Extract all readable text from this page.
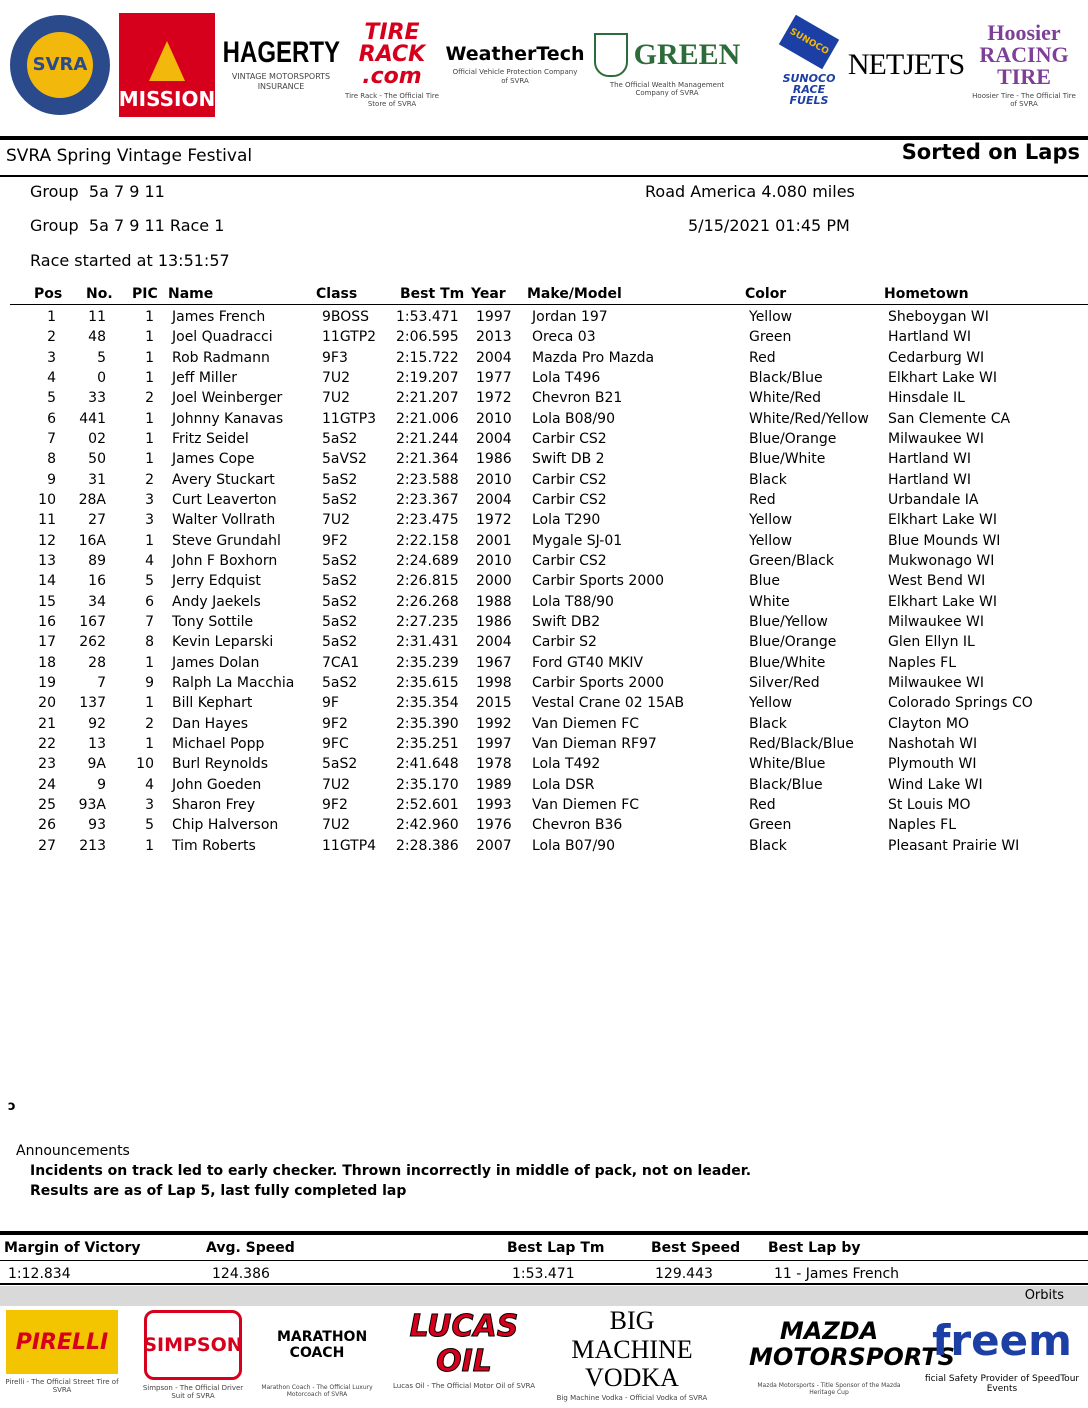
SVRA
MISSION
HAGERTY
VINTAGE MOTORSPORTS INSURANCE
TIRE RACK .com
Tire Rack - The Official Tire Store of SVRA
WeatherTech
Official Vehicle Protection Company of SVRA
GREEN
The Official Wealth Management Company of SVRA
SUNOCO
SUNOCO RACE FUELS
NETJETS
Hoosier RACING TIRE
Hoosier Tire - The Official Tire of SVRA
SVRA Spring Vintage Festival	Sorted on Laps
Group  5a 7 9 11	Road America 4.080 miles
Group  5a 7 9 11 Race 1	5/15/2021 01:45 PM
Race started at 13:51:57
Pos No. PIC Name	Class	Best Tm Year Make/Model	Color	Hometown
1	11	1 James French	9BOSS 1:53.471	1997	Jordan 197	Yellow	Sheboygan WI
2	48	1 Joel Quadracci	11GTP2 2:06.595	2013	Oreca 03	Green	Hartland WI
3	5	1 Rob Radmann	9F3	2:15.722	2004	Mazda Pro Mazda	Red	Cedarburg WI
4	0	1 Jeff Miller	7U2	2:19.207	1977	Lola T496	Black/Blue	Elkhart Lake WI
5	33	2 Joel Weinberger	7U2	2:21.207	1972	Chevron B21	White/Red	Hinsdale IL
6	441	1 Johnny Kanavas	11GTP3 2:21.006	2010	Lola B08/90	White/Red/Yellow	San Clemente CA
7	02	1 Fritz Seidel	5aS2	2:21.244	2004	Carbir CS2	Blue/Orange	Milwaukee WI
8	50	1 James Cope	5aVS2 2:21.364	1986	Swift DB 2	Blue/White	Hartland WI
9	31	2 Avery Stuckart	5aS2	2:23.588	2010	Carbir CS2	Black	Hartland WI
10	28A	3 Curt Leaverton	5aS2	2:23.367	2004	Carbir CS2	Red	Urbandale IA
11	27	3 Walter Vollrath	7U2	2:23.475	1972	Lola T290	Yellow	Elkhart Lake WI
12	16A	1 Steve Grundahl	9F2	2:22.158	2001	Mygale SJ-01	Yellow	Blue Mounds WI
13	89	4 John F Boxhorn	5aS2	2:24.689	2010	Carbir CS2	Green/Black	Mukwonago WI
14	16	5 Jerry Edquist	5aS2	2:26.815	2000	Carbir Sports 2000	Blue	West Bend WI
15	34	6 Andy Jaekels	5aS2	2:26.268	1988	Lola T88/90	White	Elkhart Lake WI
16	167	7 Tony Sottile	5aS2	2:27.235	1986	Swift DB2	Blue/Yellow	Milwaukee WI
17	262	8 Kevin Leparski	5aS2	2:31.431	2004	Carbir S2	Blue/Orange	Glen Ellyn IL
18	28	1 James Dolan	7CA1	2:35.239	1967	Ford GT40 MKIV	Blue/White	Naples FL
19	7	9 Ralph La Macchia	5aS2	2:35.615	1998	Carbir Sports 2000	Silver/Red	Milwaukee WI
20	137	1 Bill Kephart	9F	2:35.354	2015	Vestal Crane 02 15AB	Yellow	Colorado Springs CO
21	92	2 Dan Hayes	9F2	2:35.390	1992	Van Diemen FC	Black	Clayton MO
22	13	1 Michael Popp	9FC	2:35.251	1997	Van Dieman RF97	Red/Black/Blue	Nashotah WI
23	9A	10 Burl Reynolds	5aS2	2:41.648	1978	Lola T492	White/Blue	Plymouth WI
24	9	4 John Goeden	7U2	2:35.170	1989	Lola DSR	Black/Blue	Wind Lake WI
25	93A	3 Sharon Frey	9F2	2:52.601	1993	Van Diemen FC	Red	St Louis MO
26	93	5 Chip Halverson	7U2	2:42.960	1976	Chevron B36	Green	Naples FL
27	213	1 Tim Roberts	11GTP4 2:28.386	2007	Lola B07/90	Black	Pleasant Prairie WI
ɔ
Announcements
Incidents on track led to early checker. Thrown incorrectly in middle of pack, not on leader.
Results are as of Lap 5, last fully completed lap
Margin of Victory	Avg. Speed	Best Lap Tm	Best Speed Best Lap by
1:12.834	124.386	1:53.471	129.443	11 - James French
Orbits
PIRELLI
Pirelli - The Official Street Tire of SVRA
SIMPSON
Simpson - The Official Driver Suit of SVRA
MARATHON COACH
Marathon Coach - The Official Luxury Motorcoach of SVRA
LUCAS OIL
Lucas Oil - The Official Motor Oil of SVRA
BIG MACHINE VODKA
Big Machine Vodka - Official Vodka of SVRA
MAZDA MOTORSPORTS
Mazda Motorsports - Title Sponsor of the Mazda Heritage Cup
freem
ficial Safety Provider of SpeedTour Events
